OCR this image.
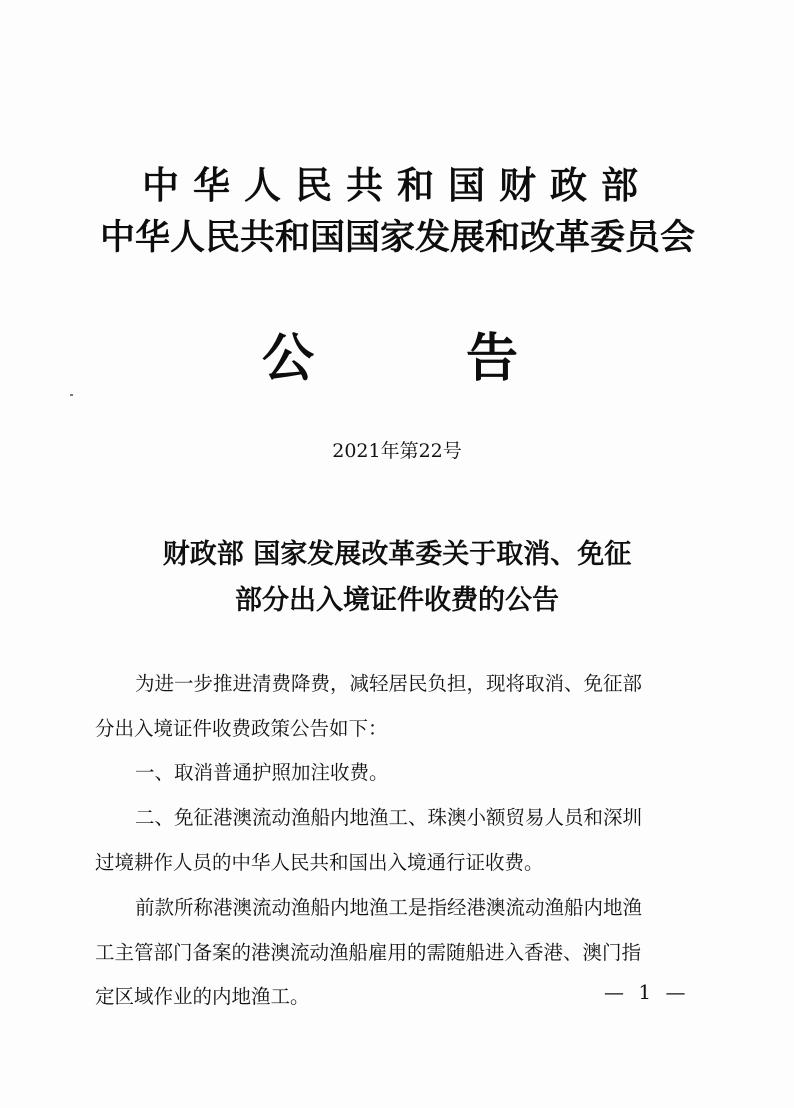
中华人民共和国财政部
中华人民共和国国家发展和改革委员会
公	告
2021年第22号
财政部 国家发展改革委关于取消、免征
部分出入境证件收费的公告
为进一步推进清费降费，减轻居民负担，现将取消、免征部
分出入境证件收费政策公告如下：
一、取消普通护照加注收费。
二、免征港澳流动渔船内地渔工、珠澳小额贸易人员和深圳
过境耕作人员的中华人民共和国出入境通行证收费。
前款所称港澳流动渔船内地渔工是指经港澳流动渔船内地渔
工主管部门备案的港澳流动渔船雇用的需随船进入香港、澳门指
定区域作业的内地渔工。	— 1 —
